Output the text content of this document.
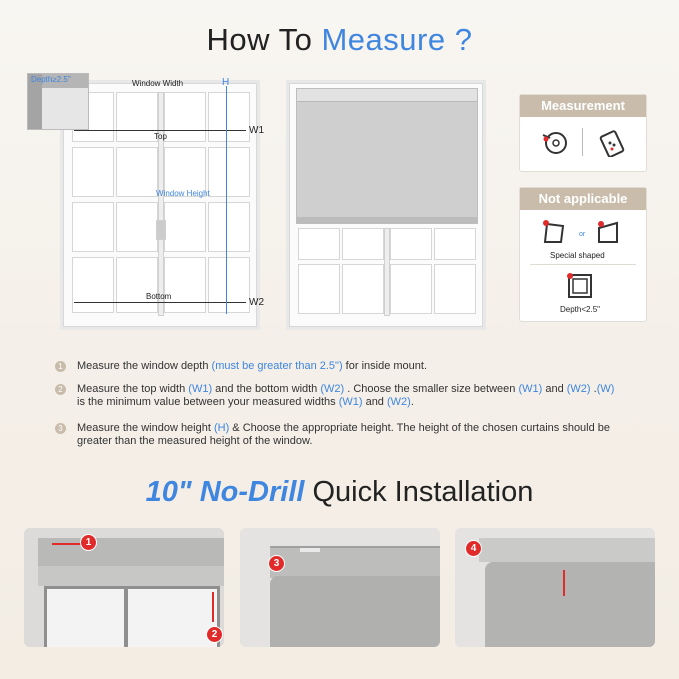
How To Measure ?
Window Width
Top
Bottom
Window Height
H
W1
W2
Depth≥2.5"
Measurement
Not applicable
or
Special shaped
Depth<2.5"
1 Measure the window depth (must be greater than 2.5") for inside mount.
2 Measure the top width (W1) and the bottom width (W2) . Choose the smaller size between (W1) and (W2) .(W) is the minimum value between your measured widths (W1) and (W2).
3 Measure the window height (H) & Choose the appropriate height. The height of the chosen curtains should be greater than the measured height of the window.
10" No-Drill Quick Installation
1
2
3
4
